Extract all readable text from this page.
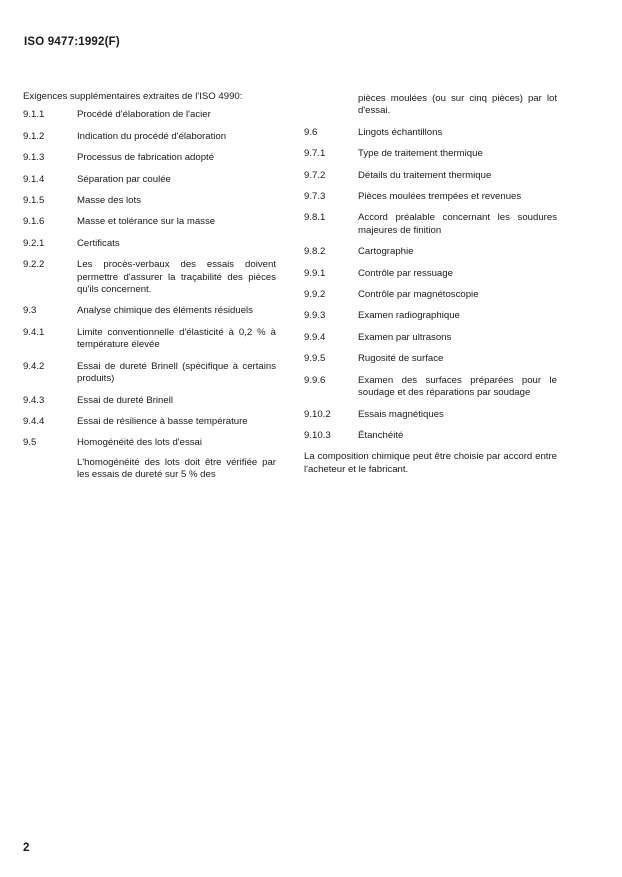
ISO 9477:1992(F)

Exigences supplémentaires extraites de l'ISO 4990:

9.1.1	Procédé d'élaboration de l'acier
9.1.2	Indication du procédé d'élaboration
9.1.3	Processus de fabrication adopté
9.1.4	Séparation par coulée
9.1.5	Masse des lots
9.1.6	Masse et tolérance sur la masse
9.2.1	Certificats
9.2.2	Les procès-verbaux des essais doivent permettre d'assurer la traçabilité des pièces qu'ils concernent.
9.3	Analyse chimique des éléments résiduels
9.4.1	Limite conventionnelle d'élasticité à 0,2 % à température élevée
9.4.2	Essai de dureté Brinell (spécifique à certains produits)
9.4.3	Essai de dureté Brinell
9.4.4	Essai de résilience à basse température
9.5	Homogénéité des lots d'essai
L'homogénéité des lots doit être vérifiée par les essais de dureté sur 5 % des
pièces moulées (ou sur cinq pièces) par lot d'essai.
9.6	Lingots échantillons
9.7.1	Type de traitement thermique
9.7.2	Détails du traitement thermique
9.7.3	Pièces moulées trempées et revenues
9.8.1	Accord préalable concernant les soudures majeures de finition
9.8.2	Cartographie
9.9.1	Contrôle par ressuage
9.9.2	Contrôle par magnétoscopie
9.9.3	Examen radiographique
9.9.4	Examen par ultrasons
9.9.5	Rugosité de surface
9.9.6	Examen des surfaces préparées pour le soudage et des réparations par soudage
9.10.2	Essais magnétiques
9.10.3	Étanchéité

La composition chimique peut être choisie par accord entre l'acheteur et le fabricant.

2
